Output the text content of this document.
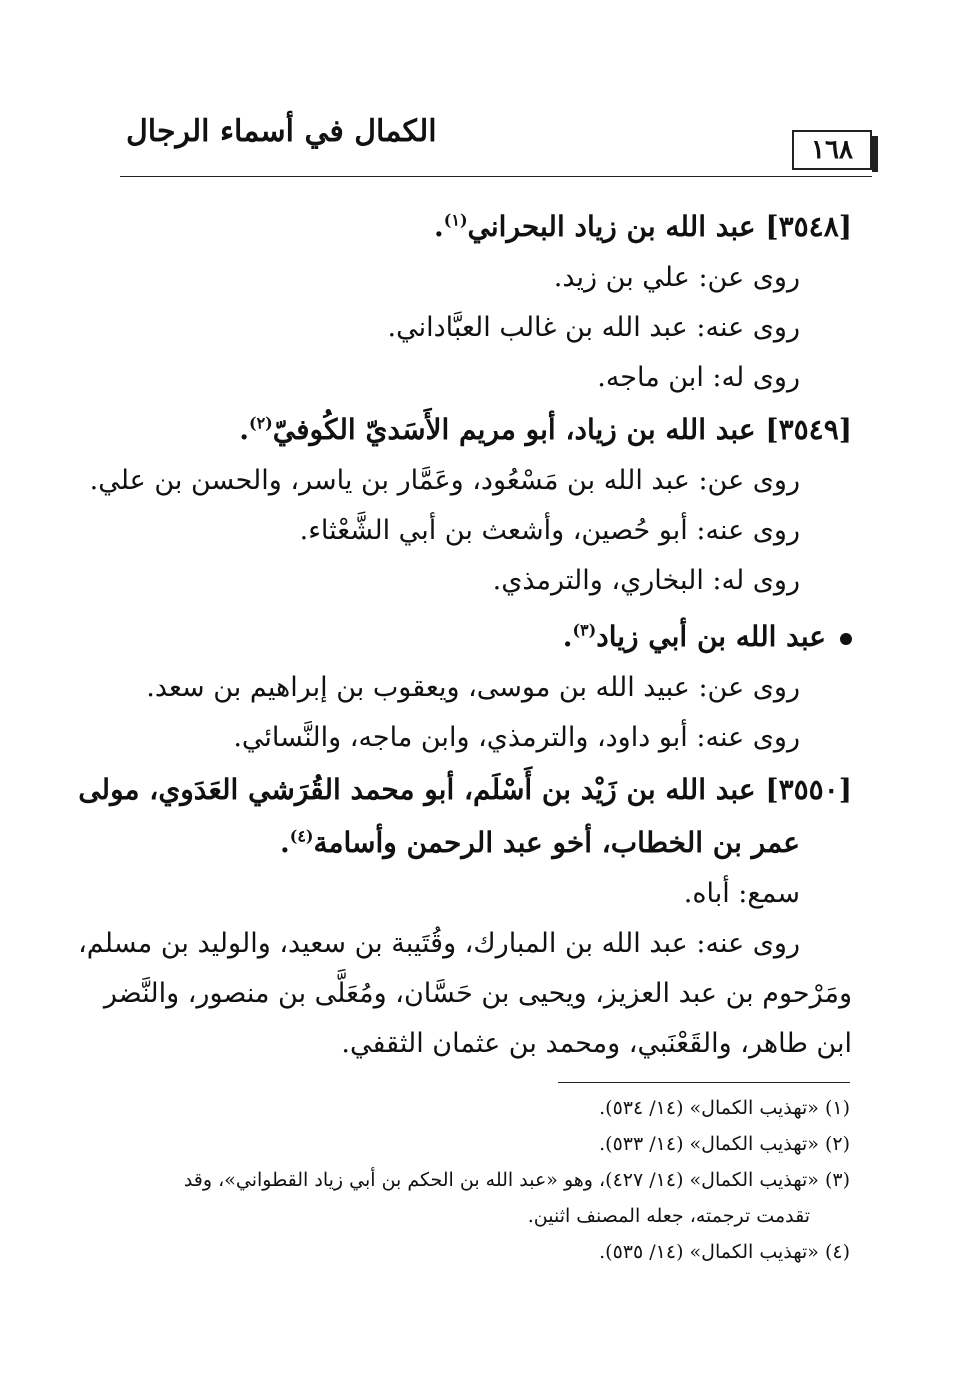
الكمال في أسماء الرجال
١٦٨
[٣٥٤٨] عبد الله بن زياد البحراني$^{(١)}$.
روى عن: علي بن زيد.
روى عنه: عبد الله بن غالب العبَّاداني.
روى له: ابن ماجه.
[٣٥٤٩] عبد الله بن زياد، أبو مريم الأَسَديّ الكُوفيّ$^{(٢)}$.
روى عن: عبد الله بن مَسْعُود، وعَمَّار بن ياسر، والحسن بن علي.
روى عنه: أبو حُصين، وأشعث بن أبي الشَّعْثاء.
روى له: البخاري، والترمذي.
عبد الله بن أبي زياد$^{(٣)}$.
روى عن: عبيد الله بن موسى، ويعقوب بن إبراهيم بن سعد.
روى عنه: أبو داود، والترمذي، وابن ماجه، والنَّسائي.
[٣٥٥٠] عبد الله بن زَيْد بن أَسْلَم، أبو محمد القُرَشي العَدَوي، مولى
عمر بن الخطاب، أخو عبد الرحمن وأسامة$^{(٤)}$.
سمع: أباه.
روى عنه: عبد الله بن المبارك، وقُتَيبة بن سعيد، والوليد بن مسلم،
ومَرْحوم بن عبد العزيز، ويحيى بن حَسَّان، ومُعَلَّى بن منصور، والنَّضر
ابن طاهر، والقَعْنَبي، ومحمد بن عثمان الثقفي.
(١) «تهذيب الكمال» (١٤/ ٥٣٤).
(٢) «تهذيب الكمال» (١٤/ ٥٣٣).
(٣) «تهذيب الكمال» (١٤/ ٤٢٧)، وهو «عبد الله بن الحكم بن أبي زياد القطواني»، وقد
تقدمت ترجمته، جعله المصنف اثنين.
(٤) «تهذيب الكمال» (١٤/ ٥٣٥).
